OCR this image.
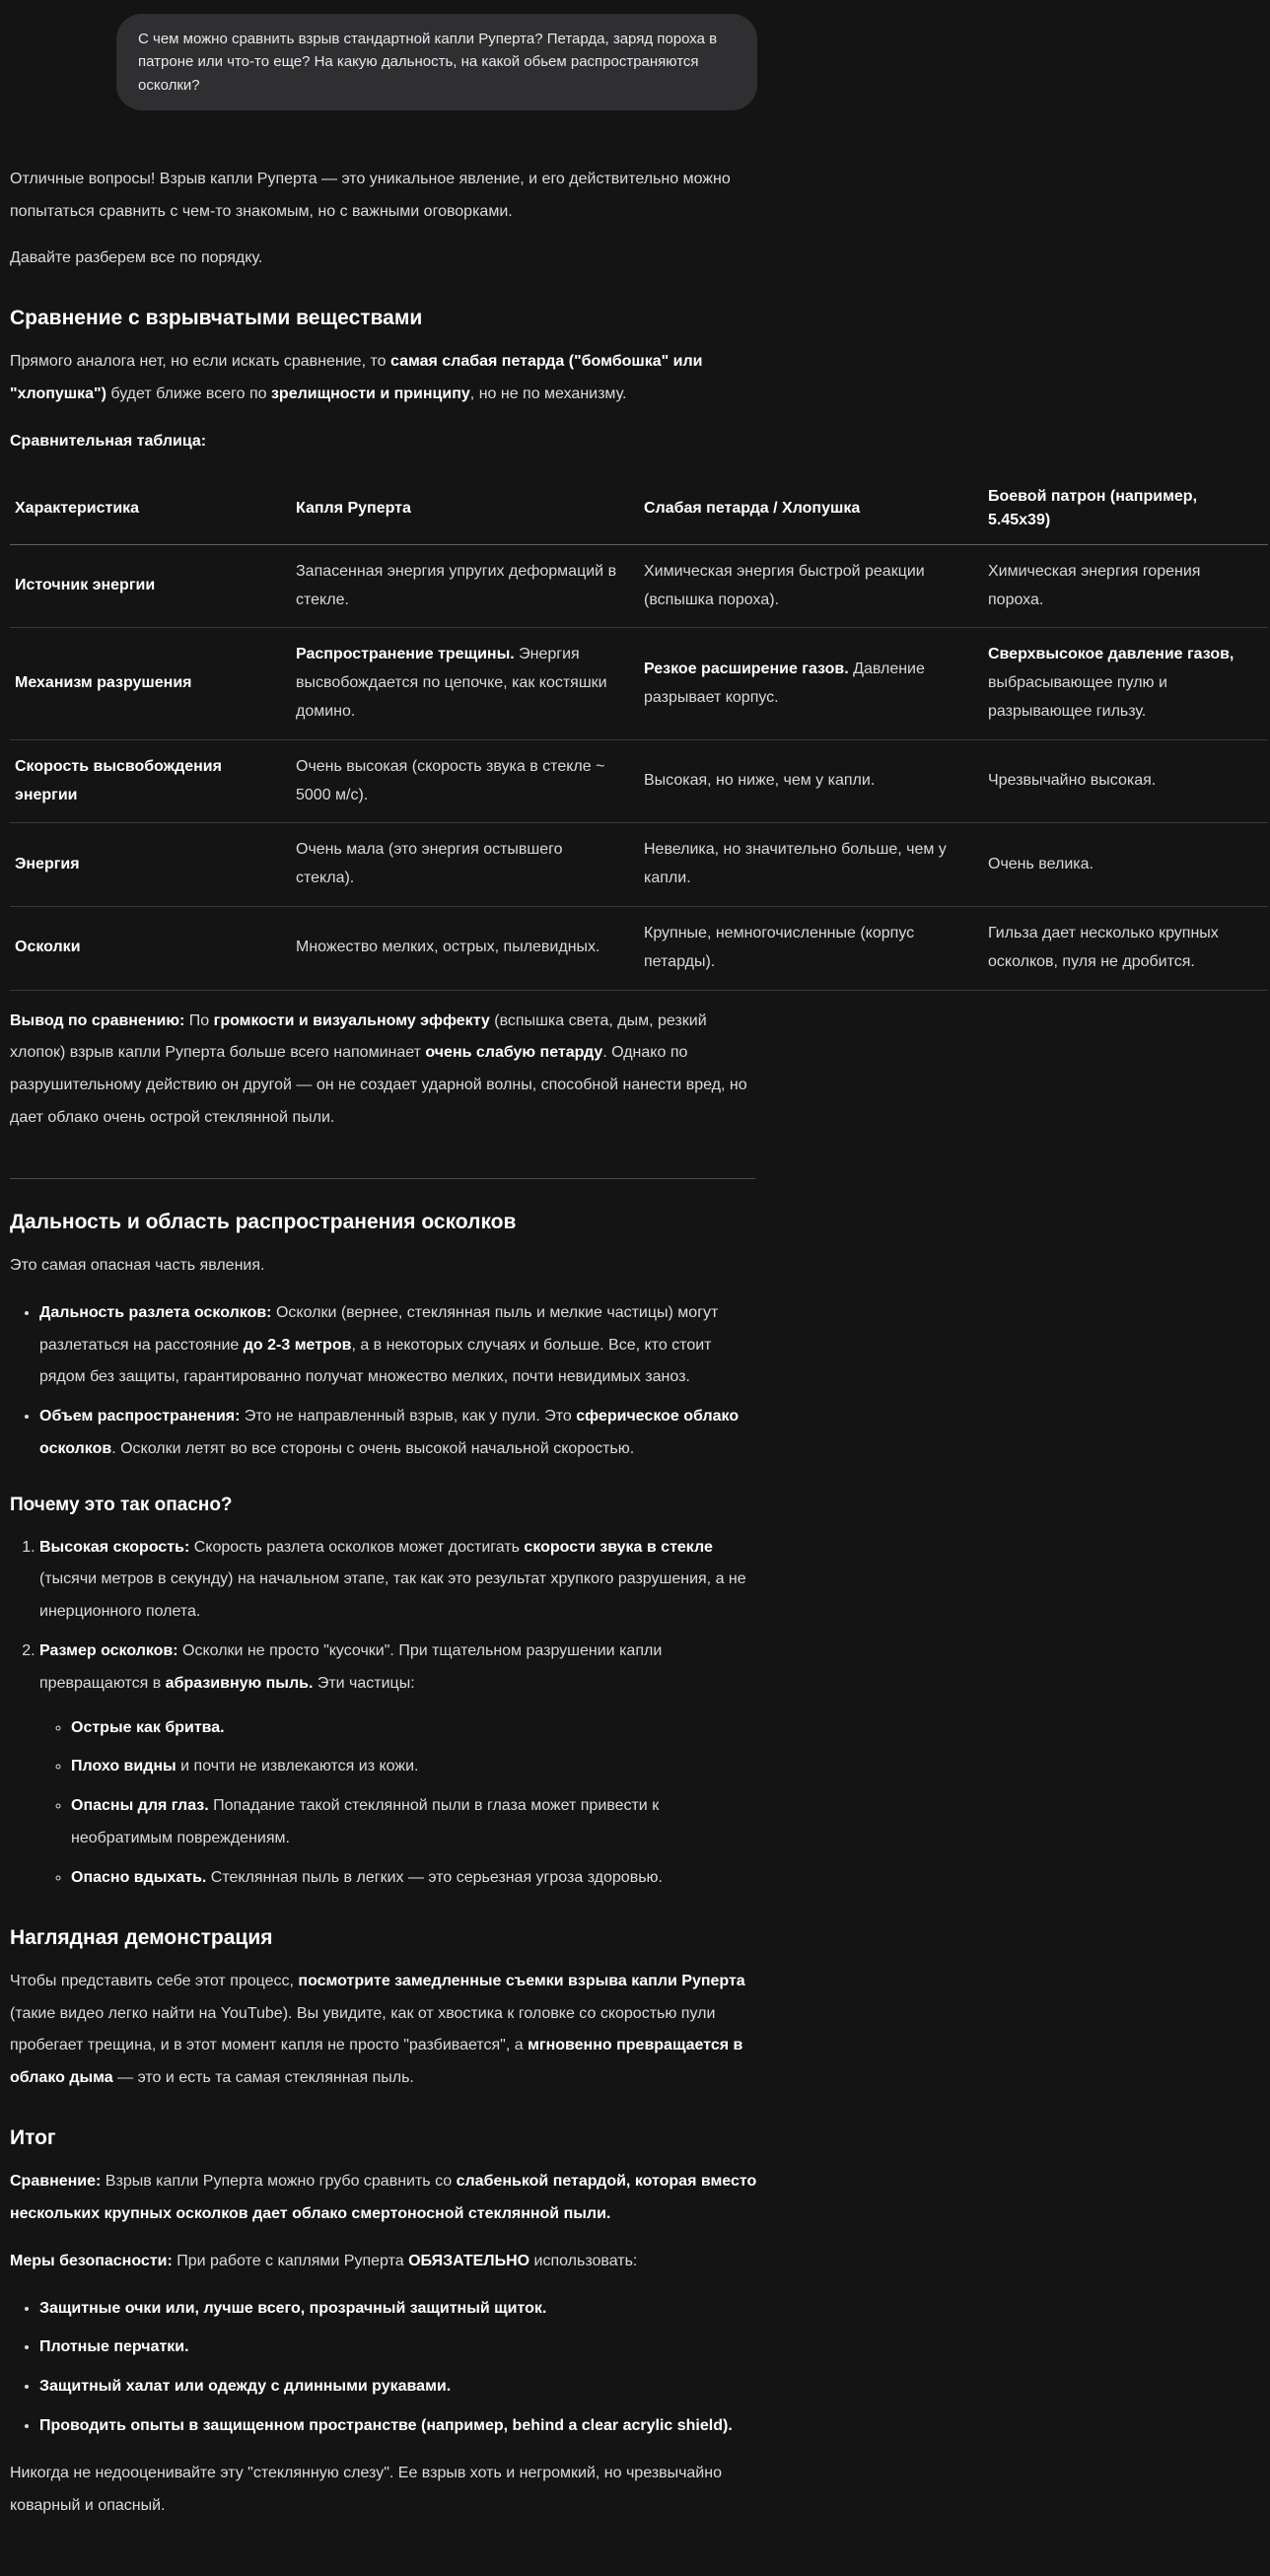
С чем можно сравнить взрыв стандартной капли Руперта? Петарда, заряд пороха в патроне или что-то еще? На какую дальность, на какой обьем распространяются осколки?

Отличные вопросы! Взрыв капли Руперта — это уникальное явление, и его действительно можно попытаться сравнить с чем-то знакомым, но с важными оговорками.

Давайте разберем все по порядку.

Сравнение с взрывчатыми веществами

Прямого аналога нет, но если искать сравнение, то самая слабая петарда ("бомбошка" или "хлопушка") будет ближе всего по зрелищности и принципу, но не по механизму.

Сравнительная таблица:

Характеристика	Капля Руперта	Слабая петарда / Хлопушка	Боевой патрон (например, 5.45x39)
Источник энергии	Запасенная энергия упругих деформаций в стекле.	Химическая энергия быстрой реакции (вспышка пороха).	Химическая энергия горения пороха.
Механизм разрушения	Распространение трещины. Энергия высвобождается по цепочке, как костяшки домино.	Резкое расширение газов. Давление разрывает корпус.	Сверхвысокое давление газов, выбрасывающее пулю и разрывающее гильзу.
Скорость высвобождения энергии	Очень высокая (скорость звука в стекле ~ 5000 м/с).	Высокая, но ниже, чем у капли.	Чрезвычайно высокая.
Энергия	Очень мала (это энергия остывшего стекла).	Невелика, но значительно больше, чем у капли.	Очень велика.
Осколки	Множество мелких, острых, пылевидных.	Крупные, немногочисленные (корпус петарды).	Гильза дает несколько крупных осколков, пуля не дробится.

Вывод по сравнению: По громкости и визуальному эффекту (вспышка света, дым, резкий хлопок) взрыв капли Руперта больше всего напоминает очень слабую петарду. Однако по разрушительному действию он другой — он не создает ударной волны, способной нанести вред, но дает облако очень острой стеклянной пыли.

Дальность и область распространения осколков

Это самая опасная часть явления.

• Дальность разлета осколков: Осколки (вернее, стеклянная пыль и мелкие частицы) могут разлетаться на расстояние до 2-3 метров, а в некоторых случаях и больше. Все, кто стоит рядом без защиты, гарантированно получат множество мелких, почти невидимых заноз.
• Объем распространения: Это не направленный взрыв, как у пули. Это сферическое облако осколков. Осколки летят во все стороны с очень высокой начальной скоростью.
Почему это так опасно?
1. Высокая скорость: Скорость разлета осколков может достигать скорости звука в стекле (тысячи метров в секунду) на начальном этапе, так как это результат хрупкого разрушения, а не инерционного полета.
2. Размер осколков: Осколки не просто "кусочки". При тщательном разрушении капли превращаются в абразивную пыль. Эти частицы:
◦ Острые как бритва.
◦ Плохо видны и почти не извлекаются из кожи.
◦ Опасны для глаз. Попадание такой стеклянной пыли в глаза может привести к необратимым повреждениям.
◦ Опасно вдыхать. Стеклянная пыль в легких — это серьезная угроза здоровью.
Наглядная демонстрация

Чтобы представить себе этот процесс, посмотрите замедленные съемки взрыва капли Руперта (такие видео легко найти на YouTube). Вы увидите, как от хвостика к головке со скоростью пули пробегает трещина, и в этот момент капля не просто "разбивается", а мгновенно превращается в облако дыма — это и есть та самая стеклянная пыль.

Итог

Сравнение: Взрыв капли Руперта можно грубо сравнить со слабенькой петардой, которая вместо нескольких крупных осколков дает облако смертоносной стеклянной пыли.

Меры безопасности: При работе с каплями Руперта ОБЯЗАТЕЛЬНО использовать:

• Защитные очки или, лучше всего, прозрачный защитный щиток.
• Плотные перчатки.
• Защитный халат или одежду с длинными рукавами.
• Проводить опыты в защищенном пространстве (например, behind a clear acrylic shield).

Никогда не недооценивайте эту "стеклянную слезу". Ее взрыв хоть и негромкий, но чрезвычайно коварный и опасный.
